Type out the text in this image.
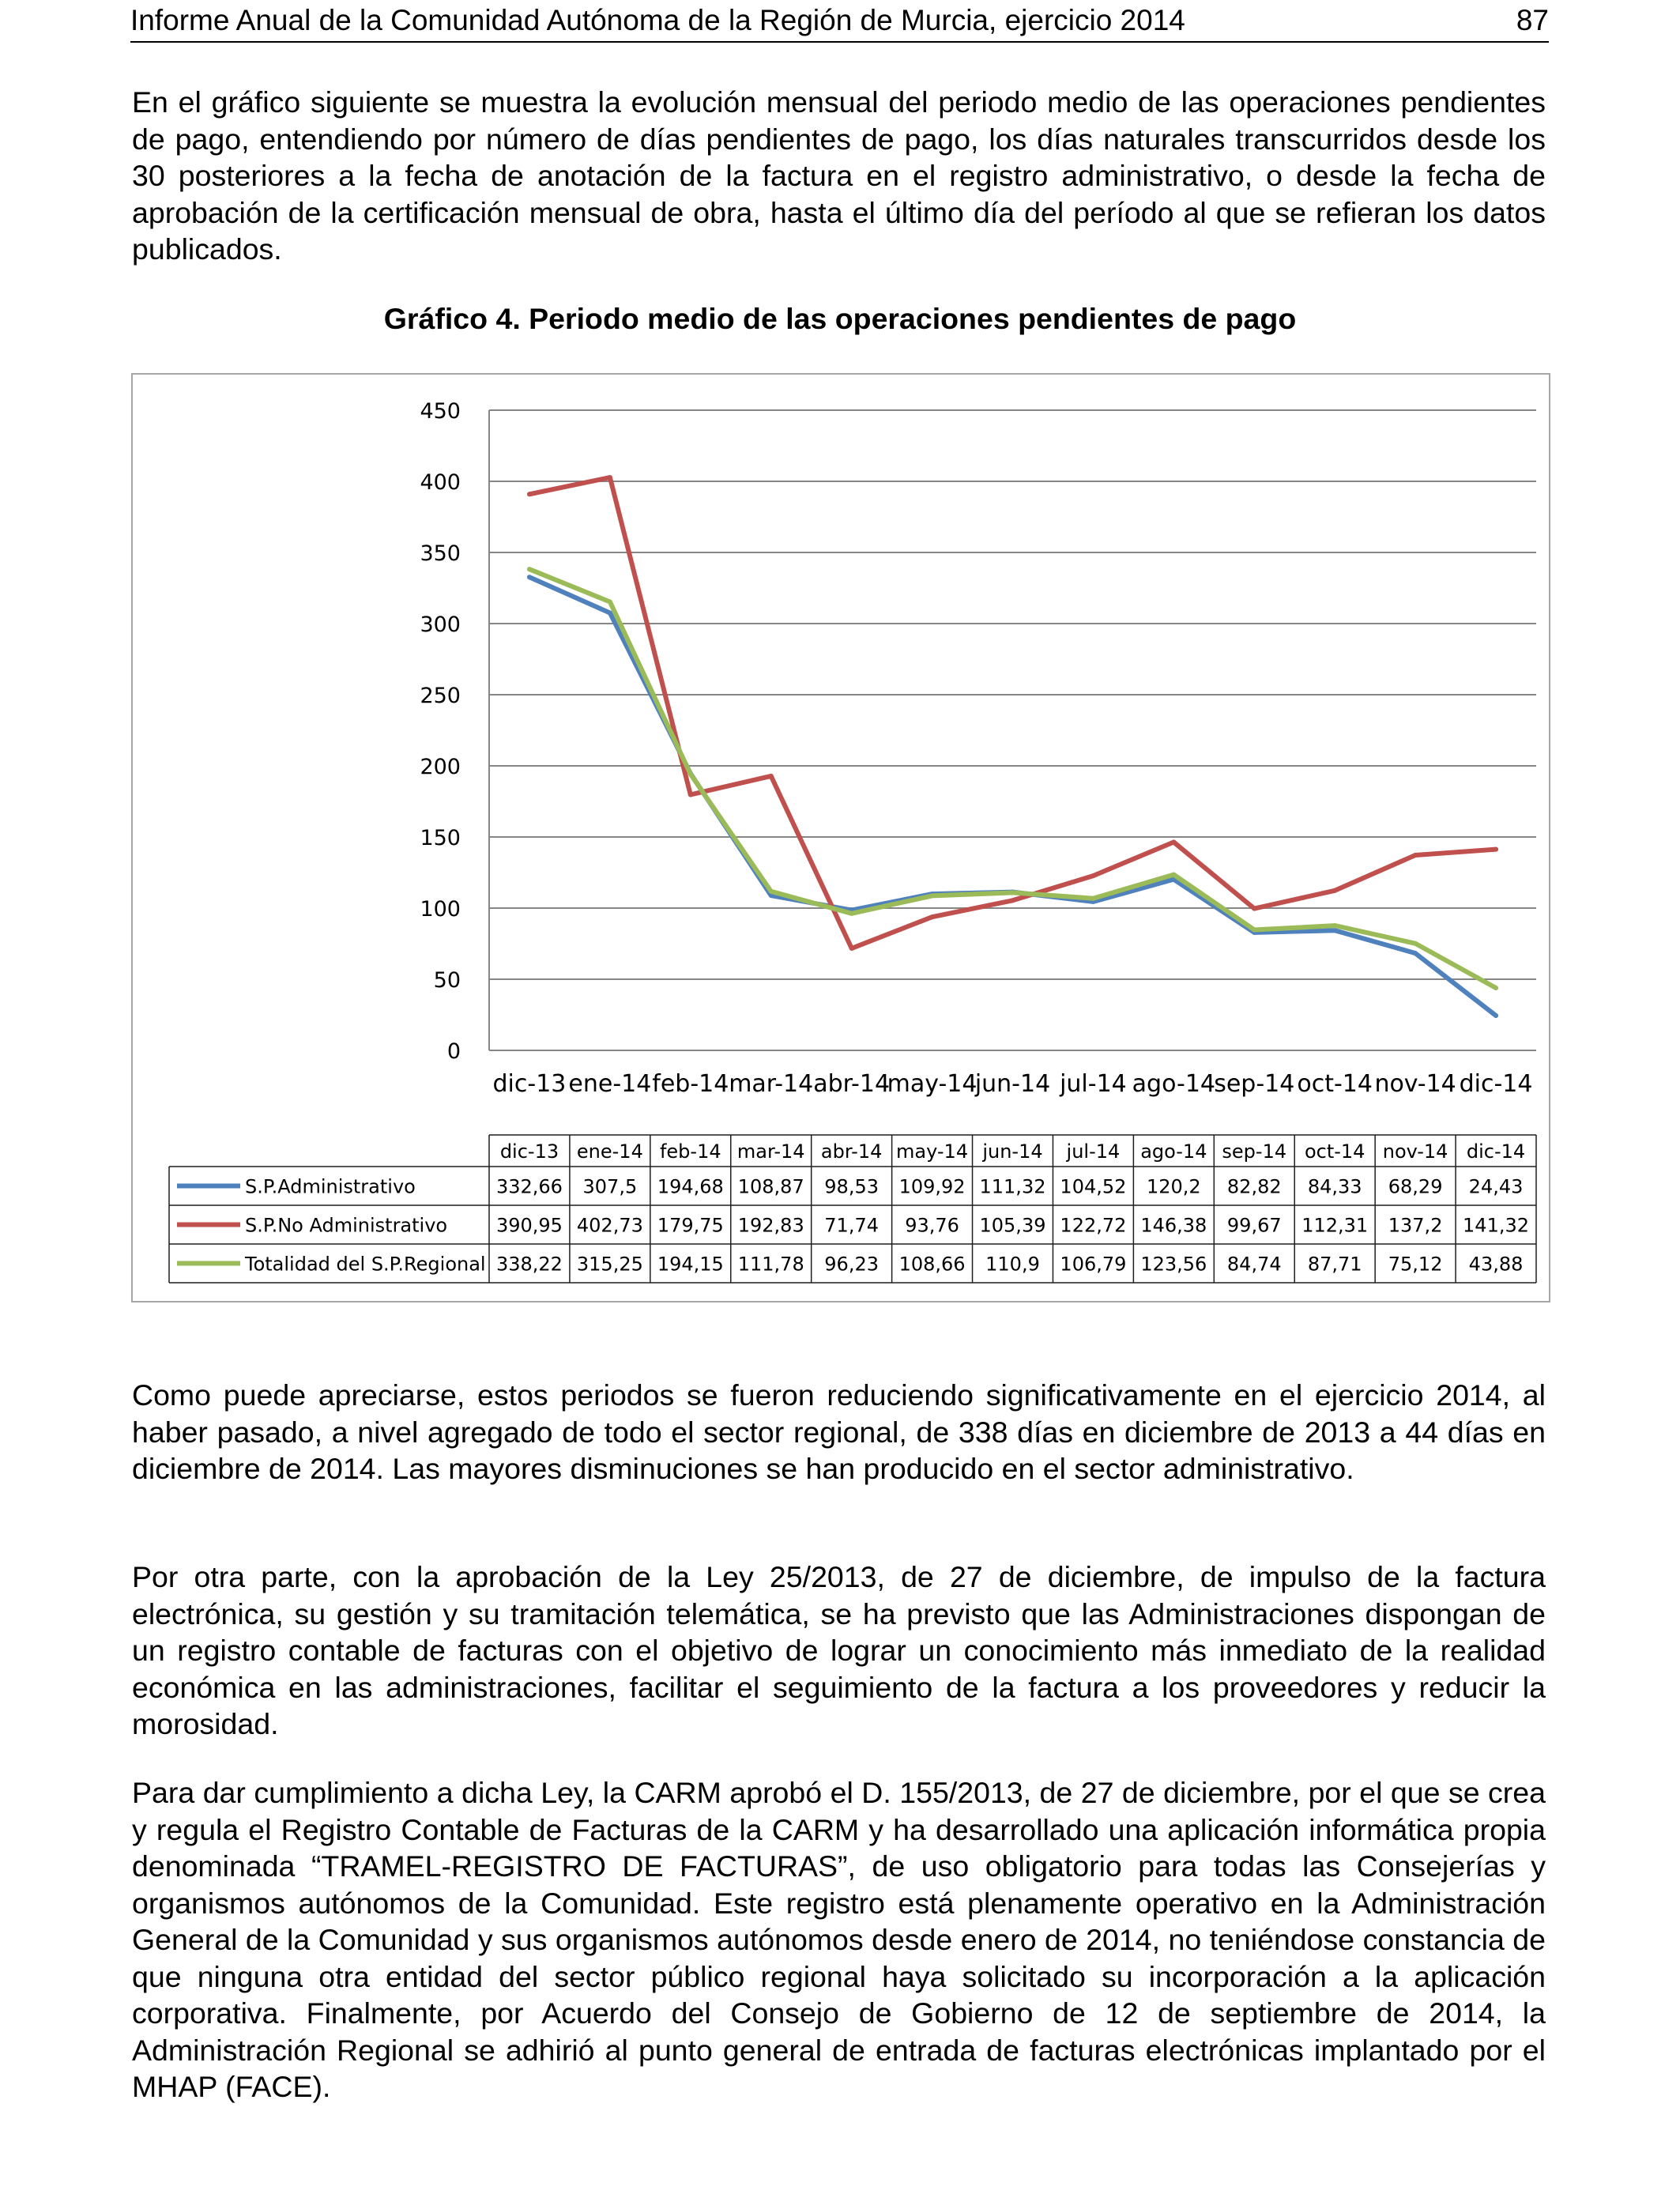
Informe Anual de la Comunidad Autónoma de la Región de Murcia, ejercicio 2014	87

En el gráfico siguiente se muestra la evolución mensual del periodo medio de las operaciones pendientes de pago, entendiendo por número de días pendientes de pago, los días naturales transcurridos desde los 30 posteriores a la fecha de anotación de la factura en el registro administrativo, o desde la fecha de aprobación de la certificación mensual de obra, hasta el último día del período al que se refieran los datos publicados.

Gráfico 4. Periodo medio de las operaciones pendientes de pago
0
50
100
150
200
250
300
350
400
450
dic-13 ene-14 feb-14 mar-14 abr-14
may-14
jun-14 jul-14 ago-14
sep-14 oct-14 nov-14 dic-14
dic-13 ene-14 feb-14 mar-14 abr-14 may-14 jun-14 jul-14 ago-14 sep-14 oct-14 nov-14 dic-14
S.P.Administrativo	332,66 307,5 194,68 108,87 98,53 109,92 111,32 104,52 120,2 82,82 84,33 68,29 24,43
S.P.No Administrativo	390,95 402,73 179,75 192,83 71,74 93,76 105,39 122,72 146,38 99,67 112,31 137,2 141,32
Totalidad del S.P.Regional 338,22 315,25 194,15 111,78 96,23 108,66 110,9 106,79 123,56 84,74 87,71 75,12 43,88

Como puede apreciarse, estos periodos se fueron reduciendo significativamente en el ejercicio 2014, al haber pasado, a nivel agregado de todo el sector regional, de 338 días en diciembre de 2013 a 44 días en diciembre de 2014. Las mayores disminuciones se han producido en el sector administrativo.

Por otra parte, con la aprobación de la Ley 25/2013, de 27 de diciembre, de impulso de la factura electrónica, su gestión y su tramitación telemática, se ha previsto que las Administraciones dispongan de un registro contable de facturas con el objetivo de lograr un conocimiento más inmediato de la realidad económica en las administraciones, facilitar el seguimiento de la factura a los proveedores y reducir la morosidad.

Para dar cumplimiento a dicha Ley, la CARM aprobó el D. 155/2013, de 27 de diciembre, por el que se crea y regula el Registro Contable de Facturas de la CARM y ha desarrollado una aplicación informática propia denominada “TRAMEL-REGISTRO DE FACTURAS”, de uso obligatorio para todas las Consejerías y organismos autónomos de la Comunidad. Este registro está plenamente operativo en la Administración General de la Comunidad y sus organismos autónomos desde enero de 2014, no teniéndose constancia de que ninguna otra entidad del sector público regional haya solicitado su incorporación a la aplicación corporativa. Finalmente, por Acuerdo del Consejo de Gobierno de 12 de septiembre de 2014, la Administración Regional se adhirió al punto general de entrada de facturas electrónicas implantado por el MHAP (FACE).
